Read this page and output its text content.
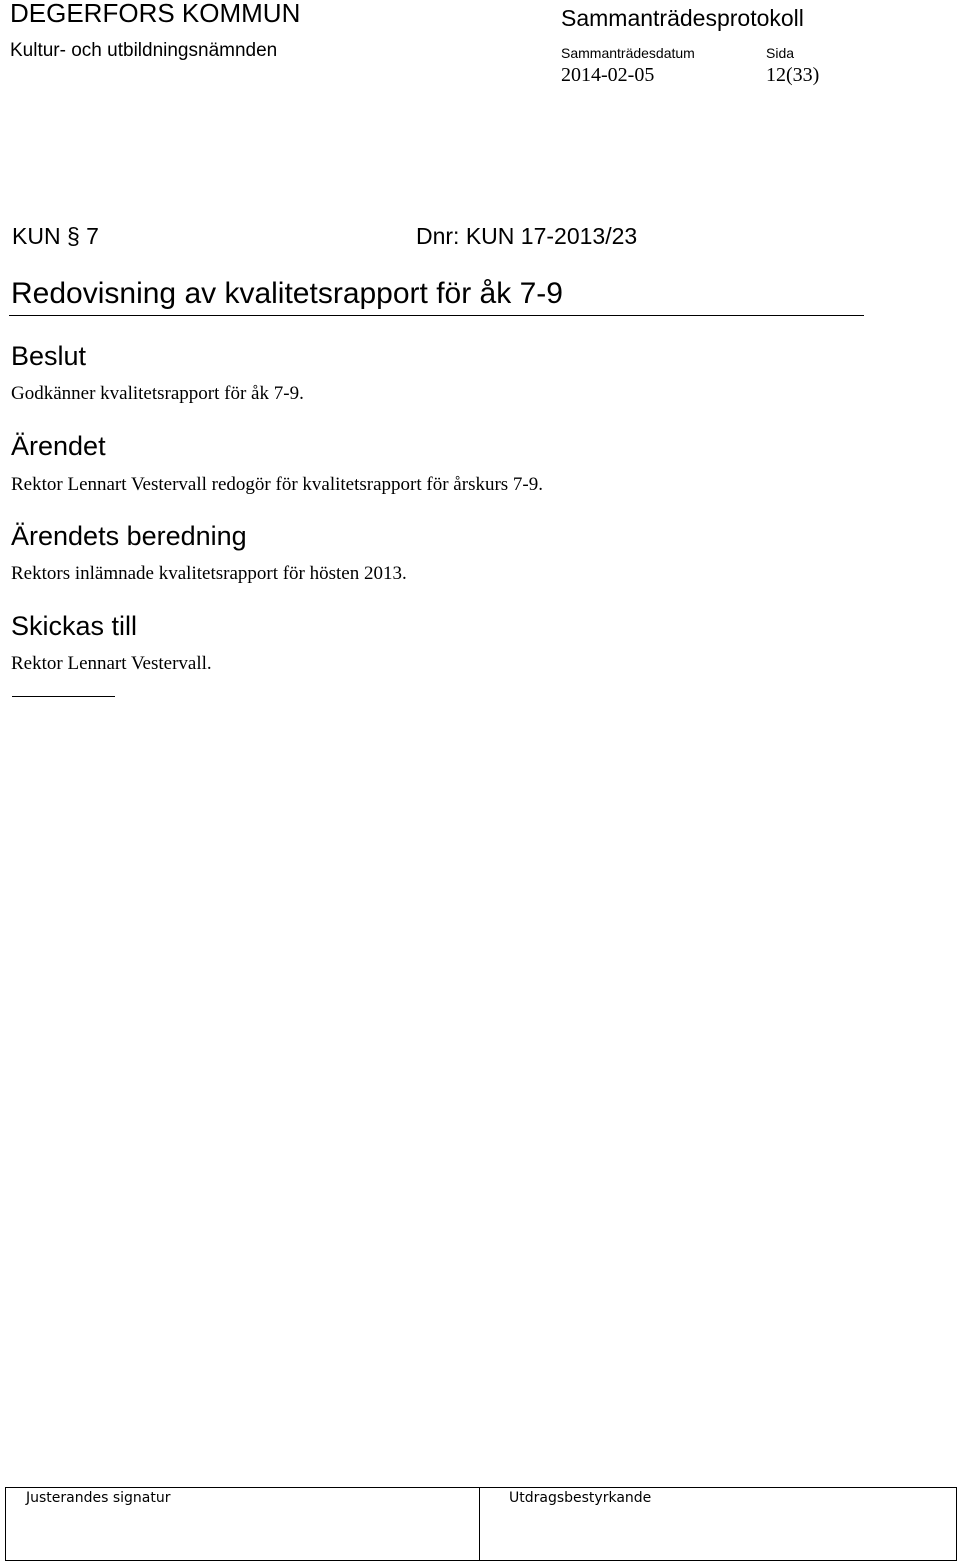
DEGERFORS KOMMUN
Kultur- och utbildningsnämnden
Sammanträdesprotokoll
Sammanträdesdatum	Sida
2014-02-05	12(33)
KUN § 7	Dnr: KUN 17-2013/23
Redovisning av kvalitetsrapport för åk 7-9
Beslut
Godkänner kvalitetsrapport för åk 7-9.
Ärendet
Rektor Lennart Vestervall redogör för kvalitetsrapport för årskurs 7-9.
Ärendets beredning
Rektors inlämnade kvalitetsrapport för hösten 2013.
Skickas till
Rektor Lennart Vestervall.
Justerandes signatur	Utdragsbestyrkande
